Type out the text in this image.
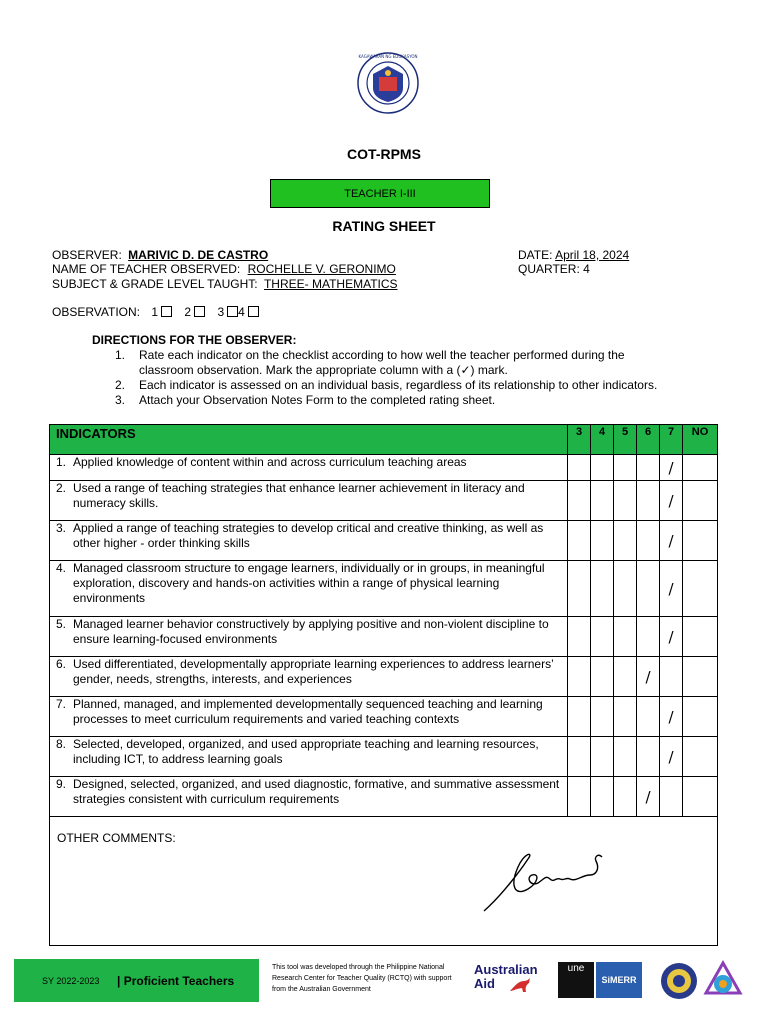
KAGAWARAN NG EDUKASYON
COT-RPMS
TEACHER I-III
RATING SHEET
OBSERVER: MARIVIC D. DE CASTRO
NAME OF TEACHER OBSERVED: ROCHELLE V. GERONIMO
SUBJECT & GRADE LEVEL TAUGHT: THREE- MATHEMATICS
DATE: April 18, 2024
QUARTER: 4
OBSERVATION: 1 2 3 4
DIRECTIONS FOR THE OBSERVER:
1.	Rate each indicator on the checklist according to how well the teacher performed during the classroom observation. Mark the appropriate column with a (✓) mark.
2.	Each indicator is assessed on an individual basis, regardless of its relationship to other indicators.
3.	Attach your Observation Notes Form to the completed rating sheet.
INDICATORS	3	4	5	6	7	NO

1. Applied knowledge of content within and across curriculum teaching areas					/	

2. Used a range of teaching strategies that enhance learner achievement in literacy and numeracy skills.					/	

3. Applied a range of teaching strategies to develop critical and creative thinking, as well as other higher - order thinking skills					/	

4. Managed classroom structure to engage learners, individually or in groups, in meaningful exploration, discovery and hands-on activities within a range of physical learning environments					/	

5. Managed learner behavior constructively by applying positive and non-violent discipline to ensure learning-focused environments					/	

6. Used differentiated, developmentally appropriate learning experiences to address learners’ gender, needs, strengths, interests, and experiences				/		

7. Planned, managed, and implemented developmentally sequenced teaching and learning processes to meet curriculum requirements and varied teaching contexts					/	

8. Selected, developed, organized, and used appropriate teaching and learning resources, including ICT, to address learning goals					/	

9. Designed, selected, organized, and used diagnostic, formative, and summative assessment strategies consistent with curriculum requirements				/		
OTHER COMMENTS:						
SY 2022-2023 | Proficient Teachers
This tool was developed through the Philippine National Research Center for Teacher Quality (RCTQ) with support from the Australian Government
Australian
Aid
une
SiMERR
